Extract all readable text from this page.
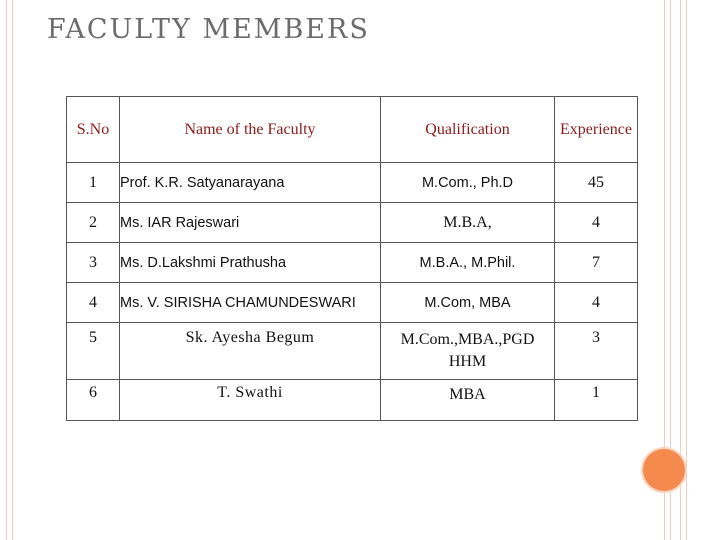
FACULTY MEMBERS
S.No	Name of the Faculty	Qualification	Experience
1	Prof. K.R. Satyanarayana	M.Com., Ph.D	45
2	Ms. IAR Rajeswari	M.B.A,	4
3	Ms. D.Lakshmi Prathusha	M.B.A., M.Phil.	7
4	Ms. V. SIRISHA CHAMUNDESWARI	M.Com, MBA	4
5	Sk. Ayesha Begum	M.Com.,MBA.,PGD HHM	3
6	T. Swathi	MBA	1
